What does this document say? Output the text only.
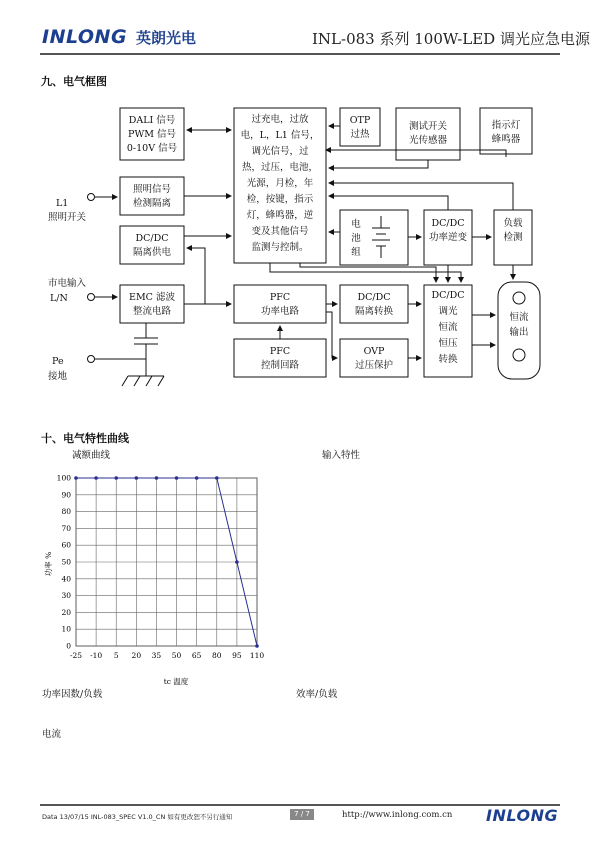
INLONG 英朗光电	INL-083 系列 100W-LED 调光应急电源
九、电气框图
DALI 信号
PWM 信号
0-10V 信号
照明信号
检测隔离
DC/DC
隔离供电
EMC 滤波
整流电路
过充电，过放
电，L，L1 信号，
调光信号，过
热，过压，电池，
光源，月检，年
检，按键，指示
灯，蜂鸣器，逆
变及其他信号
监测与控制。
OTP
过热
测试开关
光传感器
指示灯
蜂鸣器
电
池
组
DC/DC
功率逆变
负载
检测
PFC
功率电路
PFC
控制回路
DC/DC
隔离转换
OVP
过压保护
DC/DC
调光
恒流
恒压
转换
恒流
输出
L1
照明开关
市电输入
L/N
Pe
接地
十、电气特性曲线
减额曲线	输入特性
-25 -10 5 20 35 50 65 80 95 110
0
10
20
30
40
50
60
70
80
90
100
tc 温度
功率 %
功率因数/负载	效率/负载
电流
Data 13/07/15 INL-083_SPEC V1.0_CN 如有更改恕不另行通知	7 / 7	http://www.inlong.com.cn INLONG
